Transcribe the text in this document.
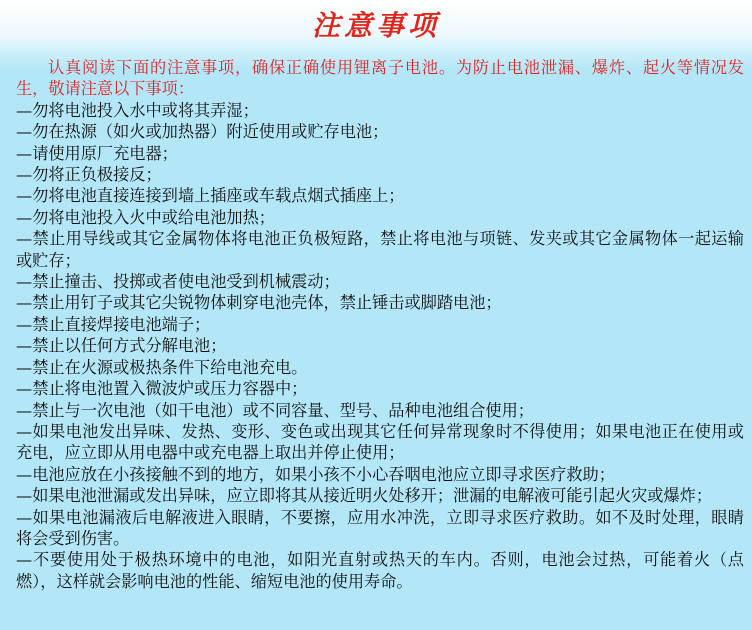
注意事项

认真阅读下面的注意事项，确保正确使用锂离子电池。为防止电池泄漏、爆炸、起火等情况发生，敬请注意以下事项：

—勿将电池投入水中或将其弄湿；
—勿在热源（如火或加热器）附近使用或贮存电池；
—请使用原厂充电器；
—勿将正负极接反；
—勿将电池直接连接到墙上插座或车载点烟式插座上；
—勿将电池投入火中或给电池加热；
—禁止用导线或其它金属物体将电池正负极短路，禁止将电池与项链、发夹或其它金属物体一起运输或贮存；
—禁止撞击、投掷或者使电池受到机械震动；
—禁止用钉子或其它尖锐物体刺穿电池壳体，禁止锤击或脚踏电池；
—禁止直接焊接电池端子；
—禁止以任何方式分解电池；
—禁止在火源或极热条件下给电池充电。
—禁止将电池置入微波炉或压力容器中；
—禁止与一次电池（如干电池）或不同容量、型号、品种电池组合使用；
—如果电池发出异味、发热、变形、变色或出现其它任何异常现象时不得使用；如果电池正在使用或充电，应立即从用电器中或充电器上取出并停止使用；
—电池应放在小孩接触不到的地方，如果小孩不小心吞咽电池应立即寻求医疗救助；
—如果电池泄漏或发出异味，应立即将其从接近明火处移开；泄漏的电解液可能引起火灾或爆炸；
—如果电池漏液后电解液进入眼睛，不要擦，应用水冲洗，立即寻求医疗救助。如不及时处理，眼睛将会受到伤害。
—不要使用处于极热环境中的电池，如阳光直射或热天的车内。否则，电池会过热，可能着火（点燃），这样就会影响电池的性能、缩短电池的使用寿命。
